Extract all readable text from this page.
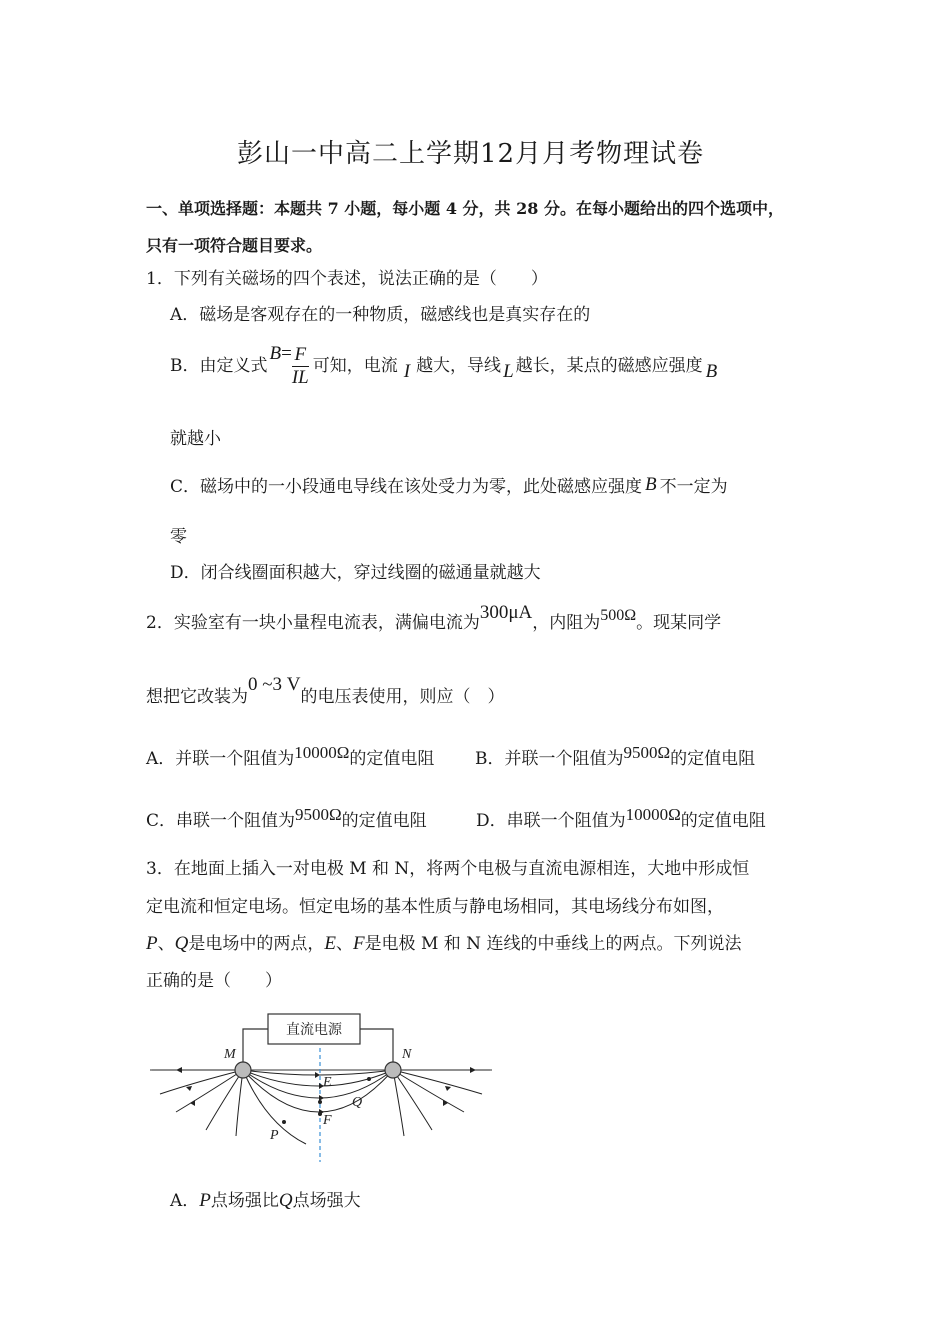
彭山一中高二上学期12月月考物理试卷
一、单项选择题：本题共 7 小题，每小题 4 分，共 28 分。在每小题给出的四个选项中，
只有一项符合题目要求。
1．下列有关磁场的四个表述，说法正确的是（　　）
A．磁场是客观存在的一种物质，磁感线也是真实存在的
B．由定义式
$B = \frac{F}{IL}$ 可知，电流 I 越大，导线 L 越长，某点的磁感应强度 B
就越小
C．磁场中的一小段通电导线在该处受力为零，此处磁感应强度 B 不一定为
零
D．闭合线圈面积越大，穿过线圈的磁通量就越大
2．实验室有一块小量程电流表，满偏电流为300μA，内阻为500Ω。现某同学
想把它改装为0 ~3 V的电压表使用，则应（　）
A．并联一个阻值为10000Ω的定值电阻 B．并联一个阻值为9500Ω的定值电阻
C．串联一个阻值为9500Ω的定值电阻	D．串联一个阻值为10000Ω的定值电阻
3．在地面上插入一对电极 M 和 N，将两个电极与直流电源相连，大地中形成恒
定电流和恒定电场。恒定电场的基本性质与静电场相同，其电场线分布如图，
P、Q是电场中的两点，E、F是电极 M 和 N 连线的中垂线上的两点。下列说法
正确的是（　　）
直流电源
M	N
E
F
P
Q
A．P点场强比Q点场强大
